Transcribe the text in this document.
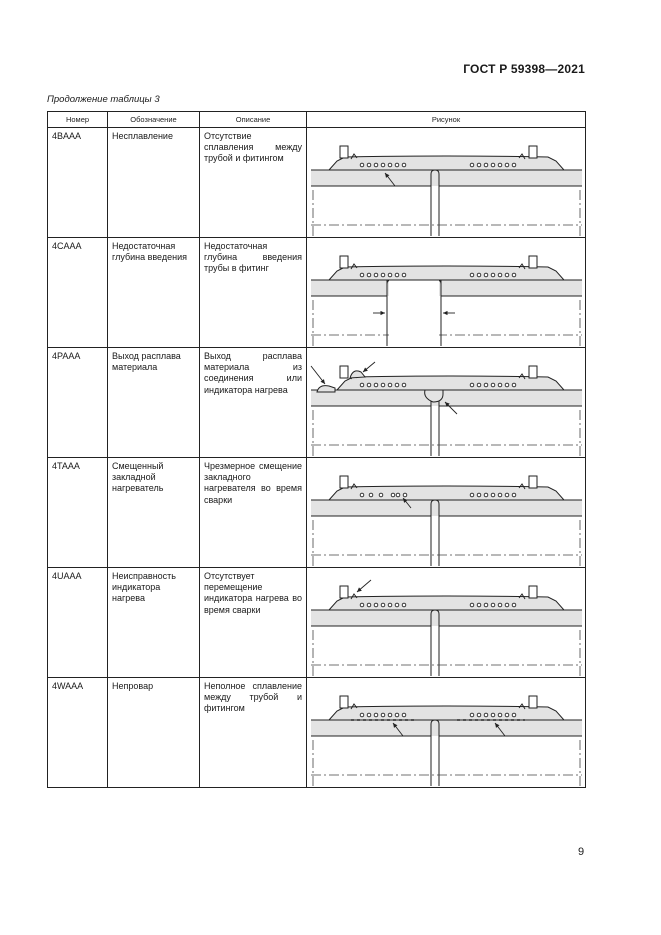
ГОСТ Р 59398—2021
Продолжение таблицы 3
Номер	Обозначение	Описание	Рисунок
4BAAA	Несплавление	Отсутствие сплавления между трубой и фитингом	

4CAAA	Недостаточная глубина введения	Недостаточная глубина введения трубы в фитинг	

4PAAA	Выход расплава материала	Выход расплава материала из соединения или индикатора нагрева	

4TAAA	Смещенный закладной нагреватель	Чрезмерное смещение закладного нагревателя во время сварки	

4UAAA	Неисправность индикатора нагрева	Отсутствует перемещение индикатора нагрева во время сварки	

4WAAA	Непровар	Неполное сплавление между трубой и фитингом	
9
